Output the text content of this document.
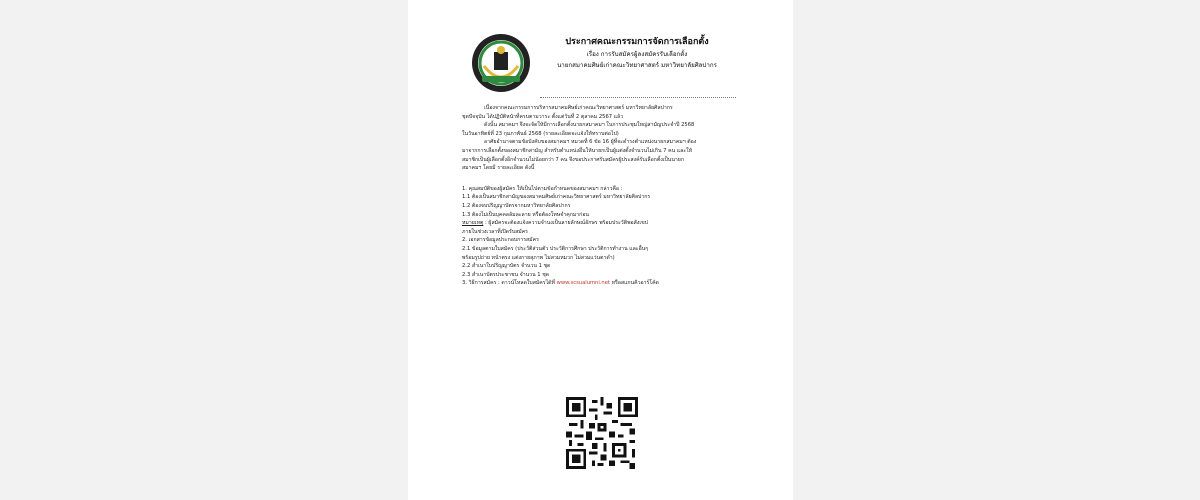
ประกาศคณะกรรมการจัดการเลือกตั้ง
เรื่อง การรับสมัครผู้ลงสมัครรับเลือกตั้ง
นายกสมาคมศิษย์เก่าคณะวิทยาศาสตร์ มหาวิทยาลัยศิลปากร

เนื่องจากคณะกรรมการบริหารสมาคมศิษย์เก่าคณะวิทยาศาสตร์ มหาวิทยาลัยศิลปากร

ชุดปัจจุบัน ได้ปฏิบัติหน้าที่ครบตามวาระ ตั้งแต่วันที่ 2 ตุลาคม 2567 แล้ว

ดังนั้น สมาคมฯ จึงจะจัดให้มีการเลือกตั้งนายกสมาคมฯ ในการประชุมใหญ่สามัญประจำปี 2568

ในวันอาทิตย์ที่ 23 กุมภาพันธ์ 2568 (รายละเอียดจะแจ้งให้ทราบต่อไป)

อาศัยอำนาจตามข้อบังคับของสมาคมฯ หมวดที่ 6 ข้อ 16 ผู้ที่จะดำรงตำแหน่งนายกสมาคมฯ ต้อง

มาจากการเลือกตั้งของสมาชิกสามัญ สำหรับตำแหน่งอื่นให้นายกเป็นผู้แต่งตั้งจำนวนไม่เกิน 7 คน และให้

สมาชิกเป็นผู้เลือกตั้งอีกจำนวนไม่น้อยกว่า 7 คน จึงขอประกาศรับสมัครผู้ประสงค์รับเลือกตั้งเป็นนายก

สมาคมฯ โดยมี รายละเอียด ดังนี้

1. คุณสมบัติของผู้สมัคร ให้เป็นไปตามข้อกำหนดของสมาคมฯ กล่าวคือ :

1.1 ต้องเป็นสมาชิกสามัญของสมาคมศิษย์เก่าคณะวิทยาศาสตร์ มหาวิทยาลัยศิลปากร

1.2 ต้องจบปริญญาบัตรจากมหาวิทยาลัยศิลปากร

1.3 ต้องไม่เป็นบุคคลล้มละลาย หรือต้องโทษจำคุกมาก่อน

หมายเหตุ : ผู้สมัครจะต้องแจ้งความจำนงเป็นลายลักษณ์อักษร พร้อมประวัติพอสังเขป

ภายในช่วงเวลาที่เปิดรับสมัคร

2. เอกสารข้อมูลประกอบการสมัคร

2.1 ข้อมูลตามใบสมัคร (ประวัติส่วนตัว ประวัติการศึกษา ประวัติการทำงาน และอื่นๆ

พร้อมรูปถ่าย หน้าตรง แต่งกายสุภาพ ไม่สวมหมวก ไม่สวมแว่นตาดำ)

2.2 สำเนาใบปริญญาบัตร จำนวน 1 ชุด

2.3 สำเนาบัตรประชาชน จำนวน 1 ชุด

3. วิธีการสมัคร : ดาวน์โหลดใบสมัครได้ที่ www.scsualumni.net หรือสแกนคิวอาร์โค้ด
